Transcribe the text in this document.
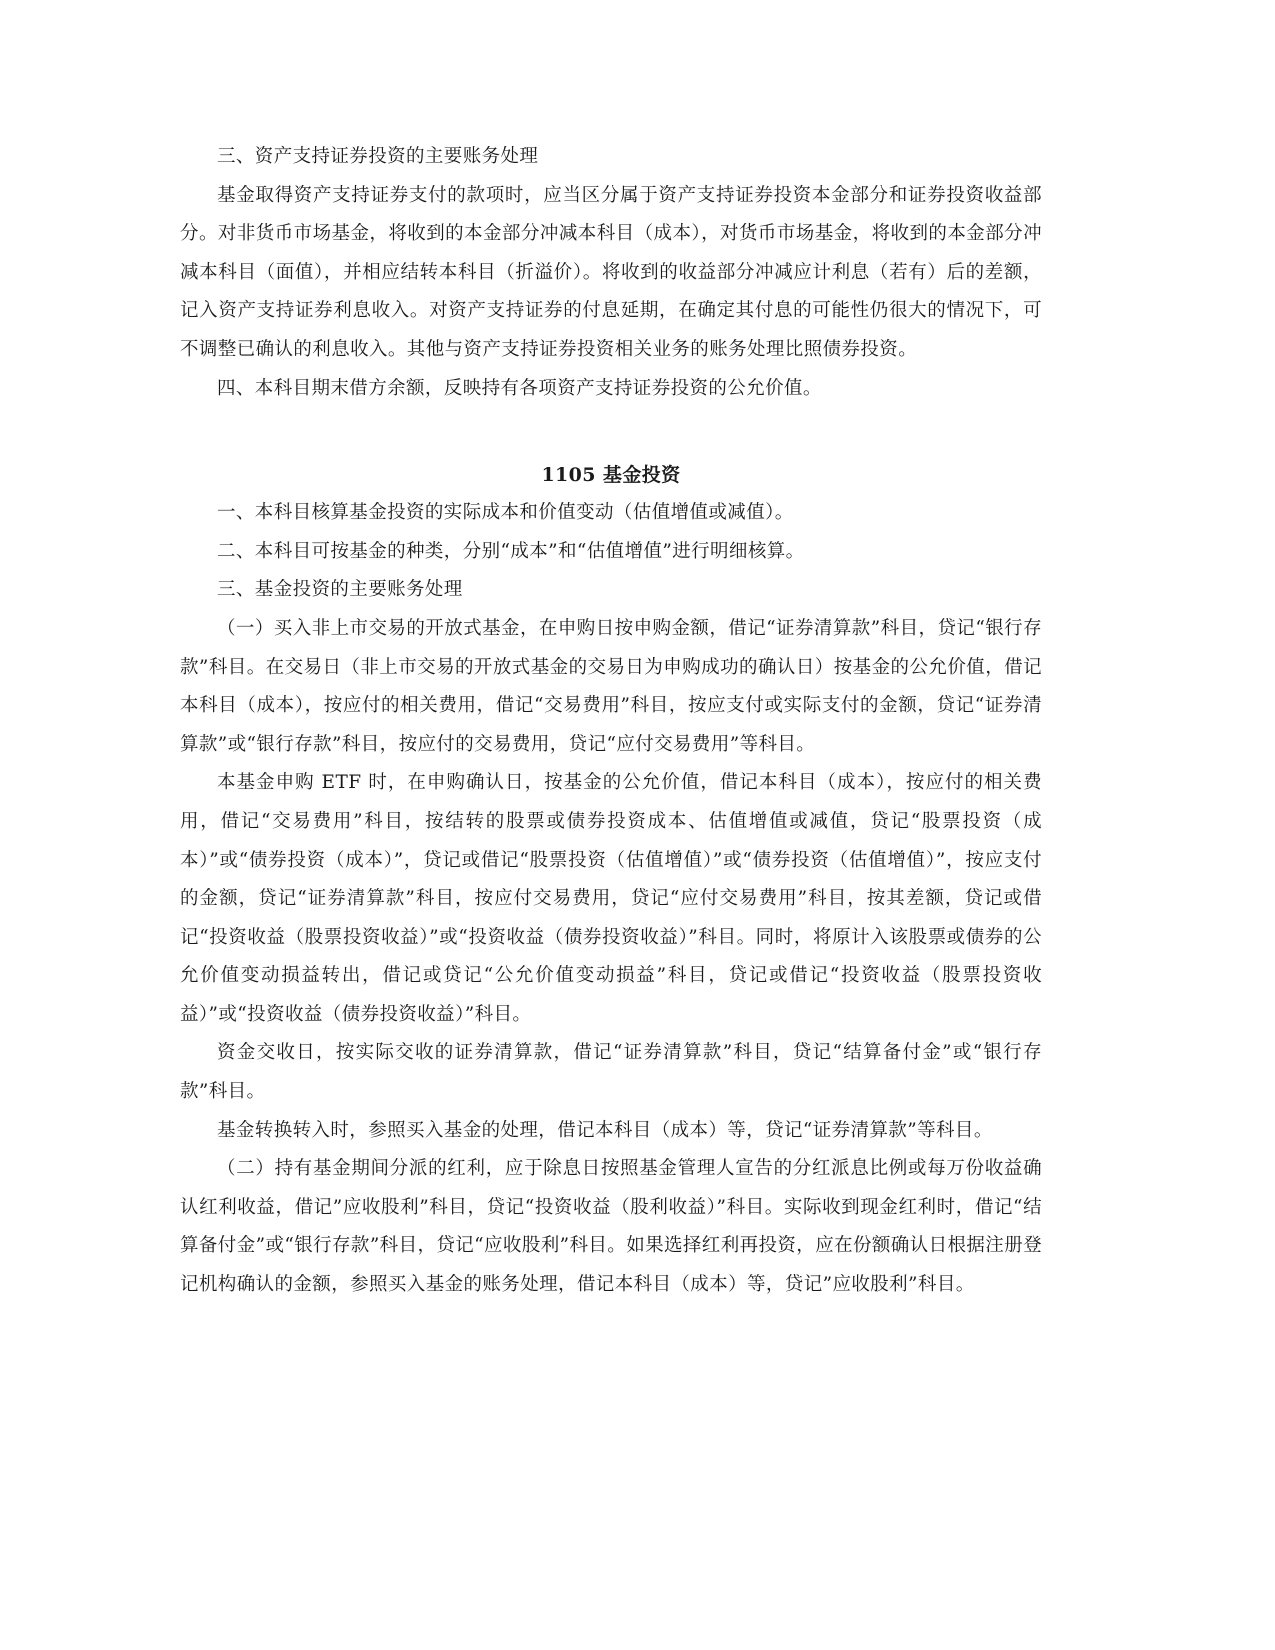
三、资产支持证券投资的主要账务处理

基金取得资产支持证券支付的款项时，应当区分属于资产支持证券投资本金部分和证券投资收益部分。对非货币市场基金，将收到的本金部分冲减本科目（成本），对货币市场基金，将收到的本金部分冲减本科目（面值），并相应结转本科目（折溢价）。将收到的收益部分冲减应计利息（若有）后的差额，记入资产支持证券利息收入。对资产支持证券的付息延期，在确定其付息的可能性仍很大的情况下，可不调整已确认的利息收入。其他与资产支持证券投资相关业务的账务处理比照债券投资。

四、本科目期末借方余额，反映持有各项资产支持证券投资的公允价值。

1105 基金投资

一、本科目核算基金投资的实际成本和价值变动（估值增值或减值）。

二、本科目可按基金的种类，分别“成本”和“估值增值”进行明细核算。

三、基金投资的主要账务处理

（一）买入非上市交易的开放式基金，在申购日按申购金额，借记“证券清算款”科目，贷记“银行存款”科目。在交易日（非上市交易的开放式基金的交易日为申购成功的确认日）按基金的公允价值，借记本科目（成本），按应付的相关费用，借记“交易费用”科目，按应支付或实际支付的金额，贷记“证券清算款”或“银行存款”科目，按应付的交易费用，贷记“应付交易费用”等科目。

本基金申购 ETF 时，在申购确认日，按基金的公允价值，借记本科目（成本），按应付的相关费用，借记“交易费用”科目，按结转的股票或债券投资成本、估值增值或减值，贷记“股票投资（成本）”或“债券投资（成本）”，贷记或借记“股票投资（估值增值）”或“债券投资（估值增值）”，按应支付的金额，贷记“证券清算款”科目，按应付交易费用，贷记“应付交易费用”科目，按其差额，贷记或借记“投资收益（股票投资收益）”或“投资收益（债券投资收益）”科目。同时，将原计入该股票或债券的公允价值变动损益转出，借记或贷记“公允价值变动损益”科目，贷记或借记“投资收益（股票投资收益）”或“投资收益（债券投资收益）”科目。

资金交收日，按实际交收的证券清算款，借记“证券清算款”科目，贷记“结算备付金”或“银行存款”科目。

基金转换转入时，参照买入基金的处理，借记本科目（成本）等，贷记“证券清算款”等科目。

（二）持有基金期间分派的红利，应于除息日按照基金管理人宣告的分红派息比例或每万份收益确认红利收益，借记”应收股利”科目，贷记“投资收益（股利收益）”科目。实际收到现金红利时，借记“结算备付金”或“银行存款”科目，贷记“应收股利”科目。如果选择红利再投资，应在份额确认日根据注册登记机构确认的金额，参照买入基金的账务处理，借记本科目（成本）等，贷记”应收股利”科目。
